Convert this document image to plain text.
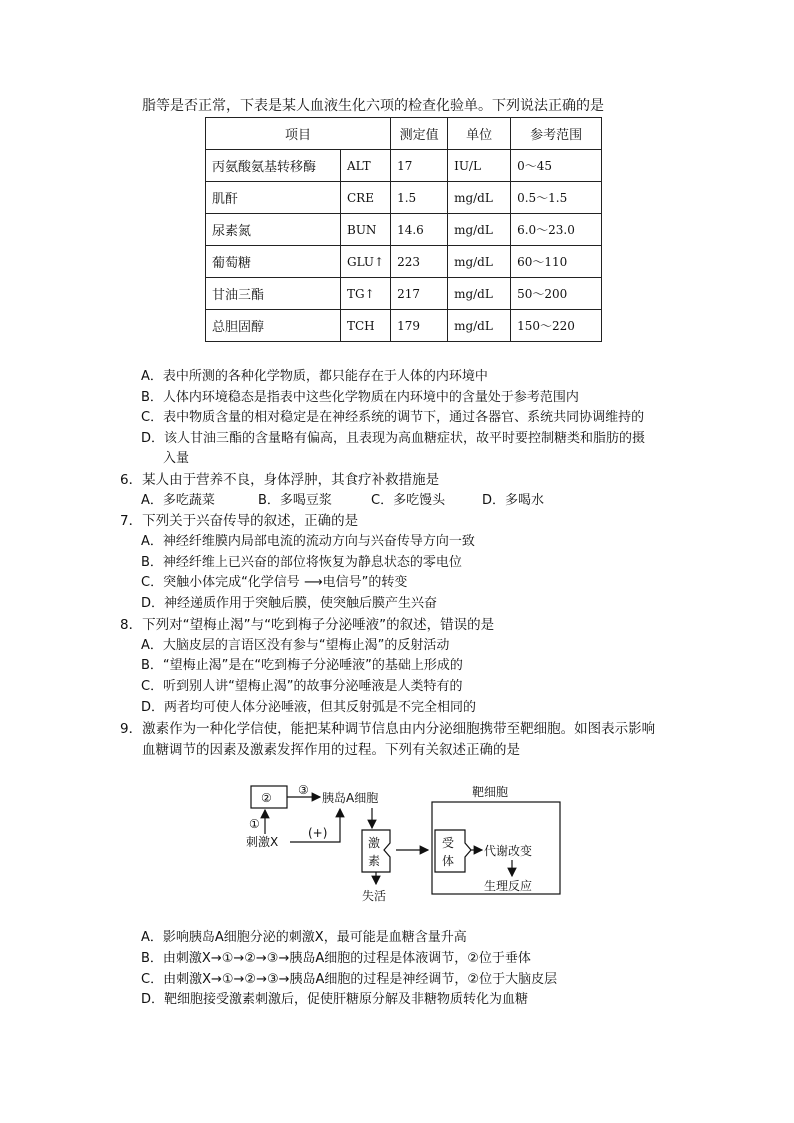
脂等是否正常，下表是某人血液生化六项的检查化验单。下列说法正确的是
项目		测定值	单位	参考范围
丙氨酸氨基转移酶	ALT	17	IU/L	0～45
肌酐	CRE	1.5	mg/dL	0.5～1.5
尿素氮	BUN	14.6	mg/dL	6.0～23.0
葡萄糖	GLU↑	223	mg/dL	60～110
甘油三酯	TG↑	217	mg/dL	50～200
总胆固醇	TCH	179	mg/dL	150～220
A．表中所测的各种化学物质，都只能存在于人体的内环境中
B．人体内环境稳态是指表中这些化学物质在内环境中的含量处于参考范围内
C．表中物质含量的相对稳定是在神经系统的调节下，通过各器官、系统共同协调维持的
D．该人甘油三酯的含量略有偏高，且表现为高血糖症状，故平时要控制糖类和脂肪的摄
入量
6．某人由于营养不良，身体浮肿，其食疗补救措施是
A．多吃蔬菜	B．多喝豆浆	C．多吃馒头	D．多喝水
7．下列关于兴奋传导的叙述，正确的是
A．神经纤维膜内局部电流的流动方向与兴奋传导方向一致
B．神经纤维上已兴奋的部位将恢复为静息状态的零电位
C．突触小体完成“化学信号 ⟶电信号”的转变
D．神经递质作用于突触后膜，使突触后膜产生兴奋
8．下列对“望梅止渴”与“吃到梅子分泌唾液”的叙述，错误的是
A．大脑皮层的言语区没有参与“望梅止渴”的反射活动
B．“望梅止渴”是在“吃到梅子分泌唾液”的基础上形成的
C．听到别人讲“望梅止渴”的故事分泌唾液是人类特有的
D．两者均可使人体分泌唾液，但其反射弧是不完全相同的
9．激素作为一种化学信使，能把某种调节信息由内分泌细胞携带至靶细胞。如图表示影响
血糖调节的因素及激素发挥作用的过程。下列有关叙述正确的是
②
③
胰岛A细胞
①
刺激X
(+)
激
素
失活
靶细胞
受
体
代谢改变
生理反应
A．影响胰岛A细胞分泌的刺激X，最可能是血糖含量升高
B．由刺激X→①→②→③→胰岛A细胞的过程是体液调节，②位于垂体
C．由刺激X→①→②→③→胰岛A细胞的过程是神经调节，②位于大脑皮层
D．靶细胞接受激素刺激后，促使肝糖原分解及非糖物质转化为血糖
